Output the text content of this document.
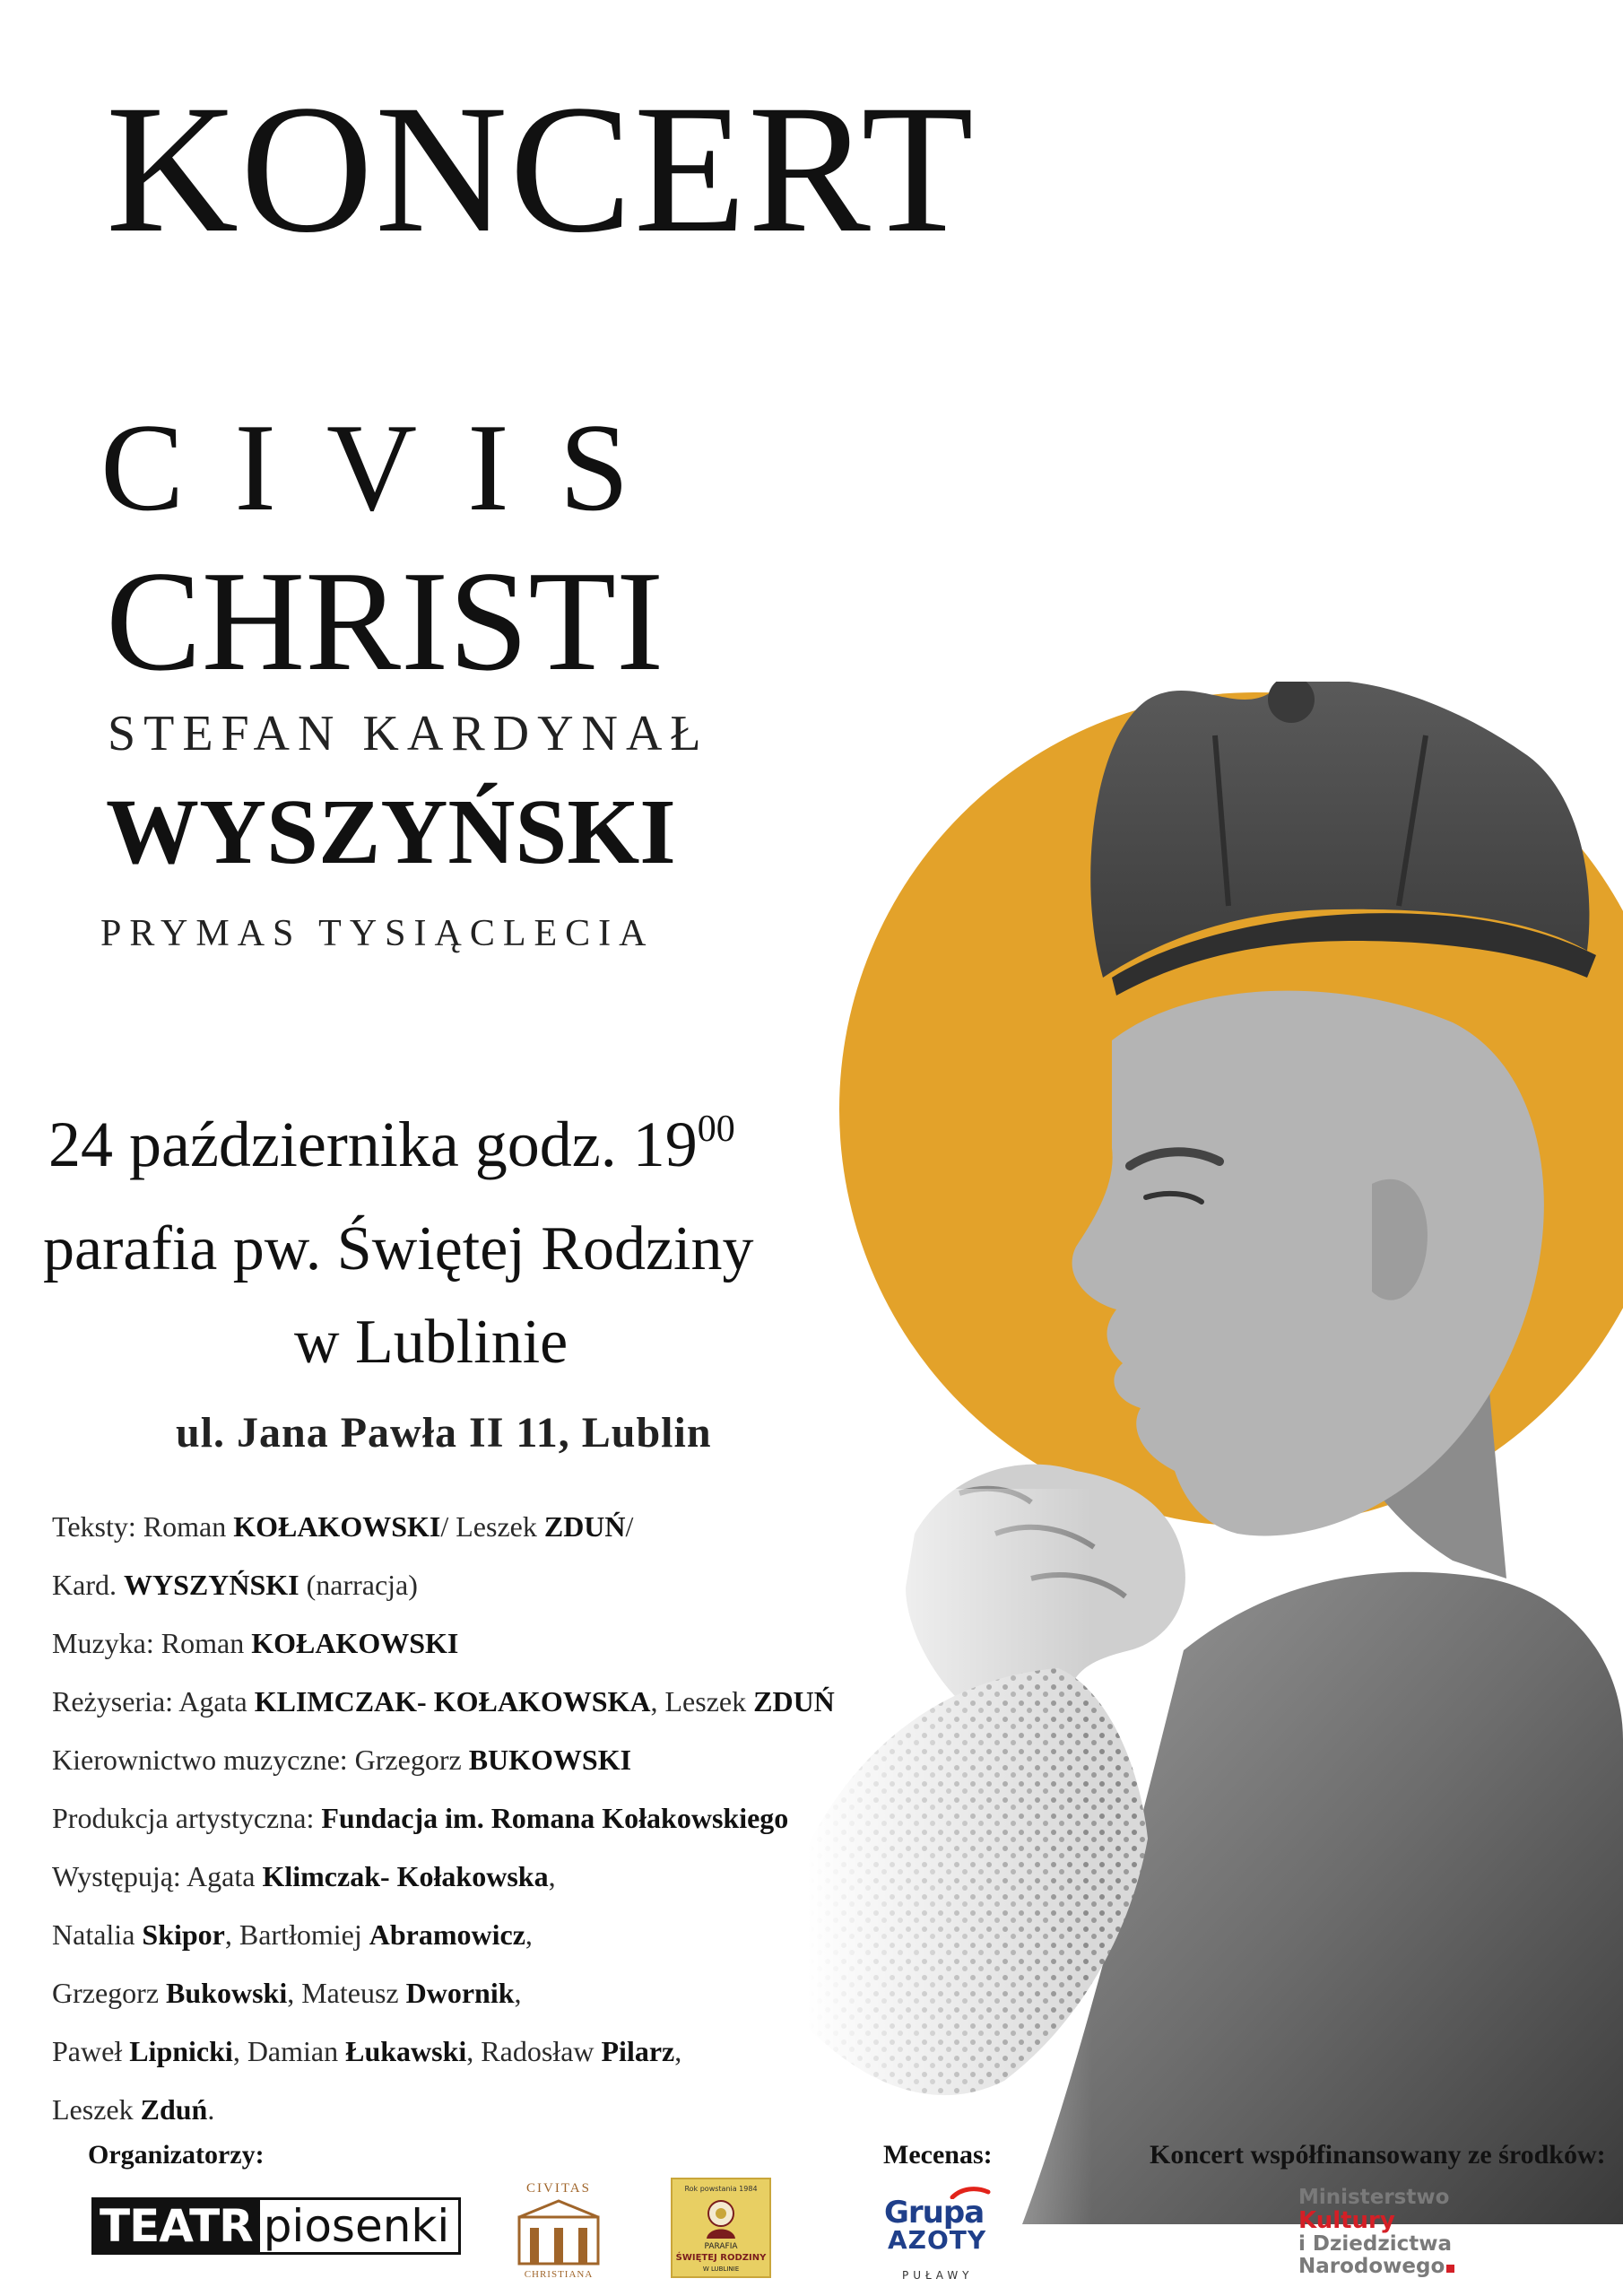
KONCERT
CIVIS
CHRISTI
STEFAN KARDYNAŁ
WYSZYŃSKI
PRYMAS TYSIĄCLECIA
24 października godz. $19^{00}$
parafia pw. Świętej Rodziny
w Lublinie
ul. Jana Pawła II 11, Lublin
Teksty: Roman KOŁAKOWSKI/ Leszek ZDUŃ/
Kard. WYSZYŃSKI (narracja)
Muzyka: Roman KOŁAKOWSKI
Reżyseria: Agata KLIMCZAK- KOŁAKOWSKA, Leszek ZDUŃ
Kierownictwo muzyczne: Grzegorz BUKOWSKI
Produkcja artystyczna: Fundacja im. Romana Kołakowskiego
Występują: Agata Klimczak- Kołakowska,
Natalia Skipor, Bartłomiej Abramowicz,
Grzegorz Bukowski, Mateusz Dwornik,
Paweł Lipnicki, Damian Łukawski, Radosław Pilarz,
Leszek Zduń.
Organizatorzy:	Mecenas:	Koncert współfinansowany ze środków:
TEATR piosenki
CIVITAS
CHRISTIANA
Rok powstania 1984
PARAFIA
ŚWIĘTEJ RODZINY
W LUBLINIE
Grupa
AZOTY
PUŁAWY
Ministerstwo
Kultury
i Dziedzictwa
Narodowego
